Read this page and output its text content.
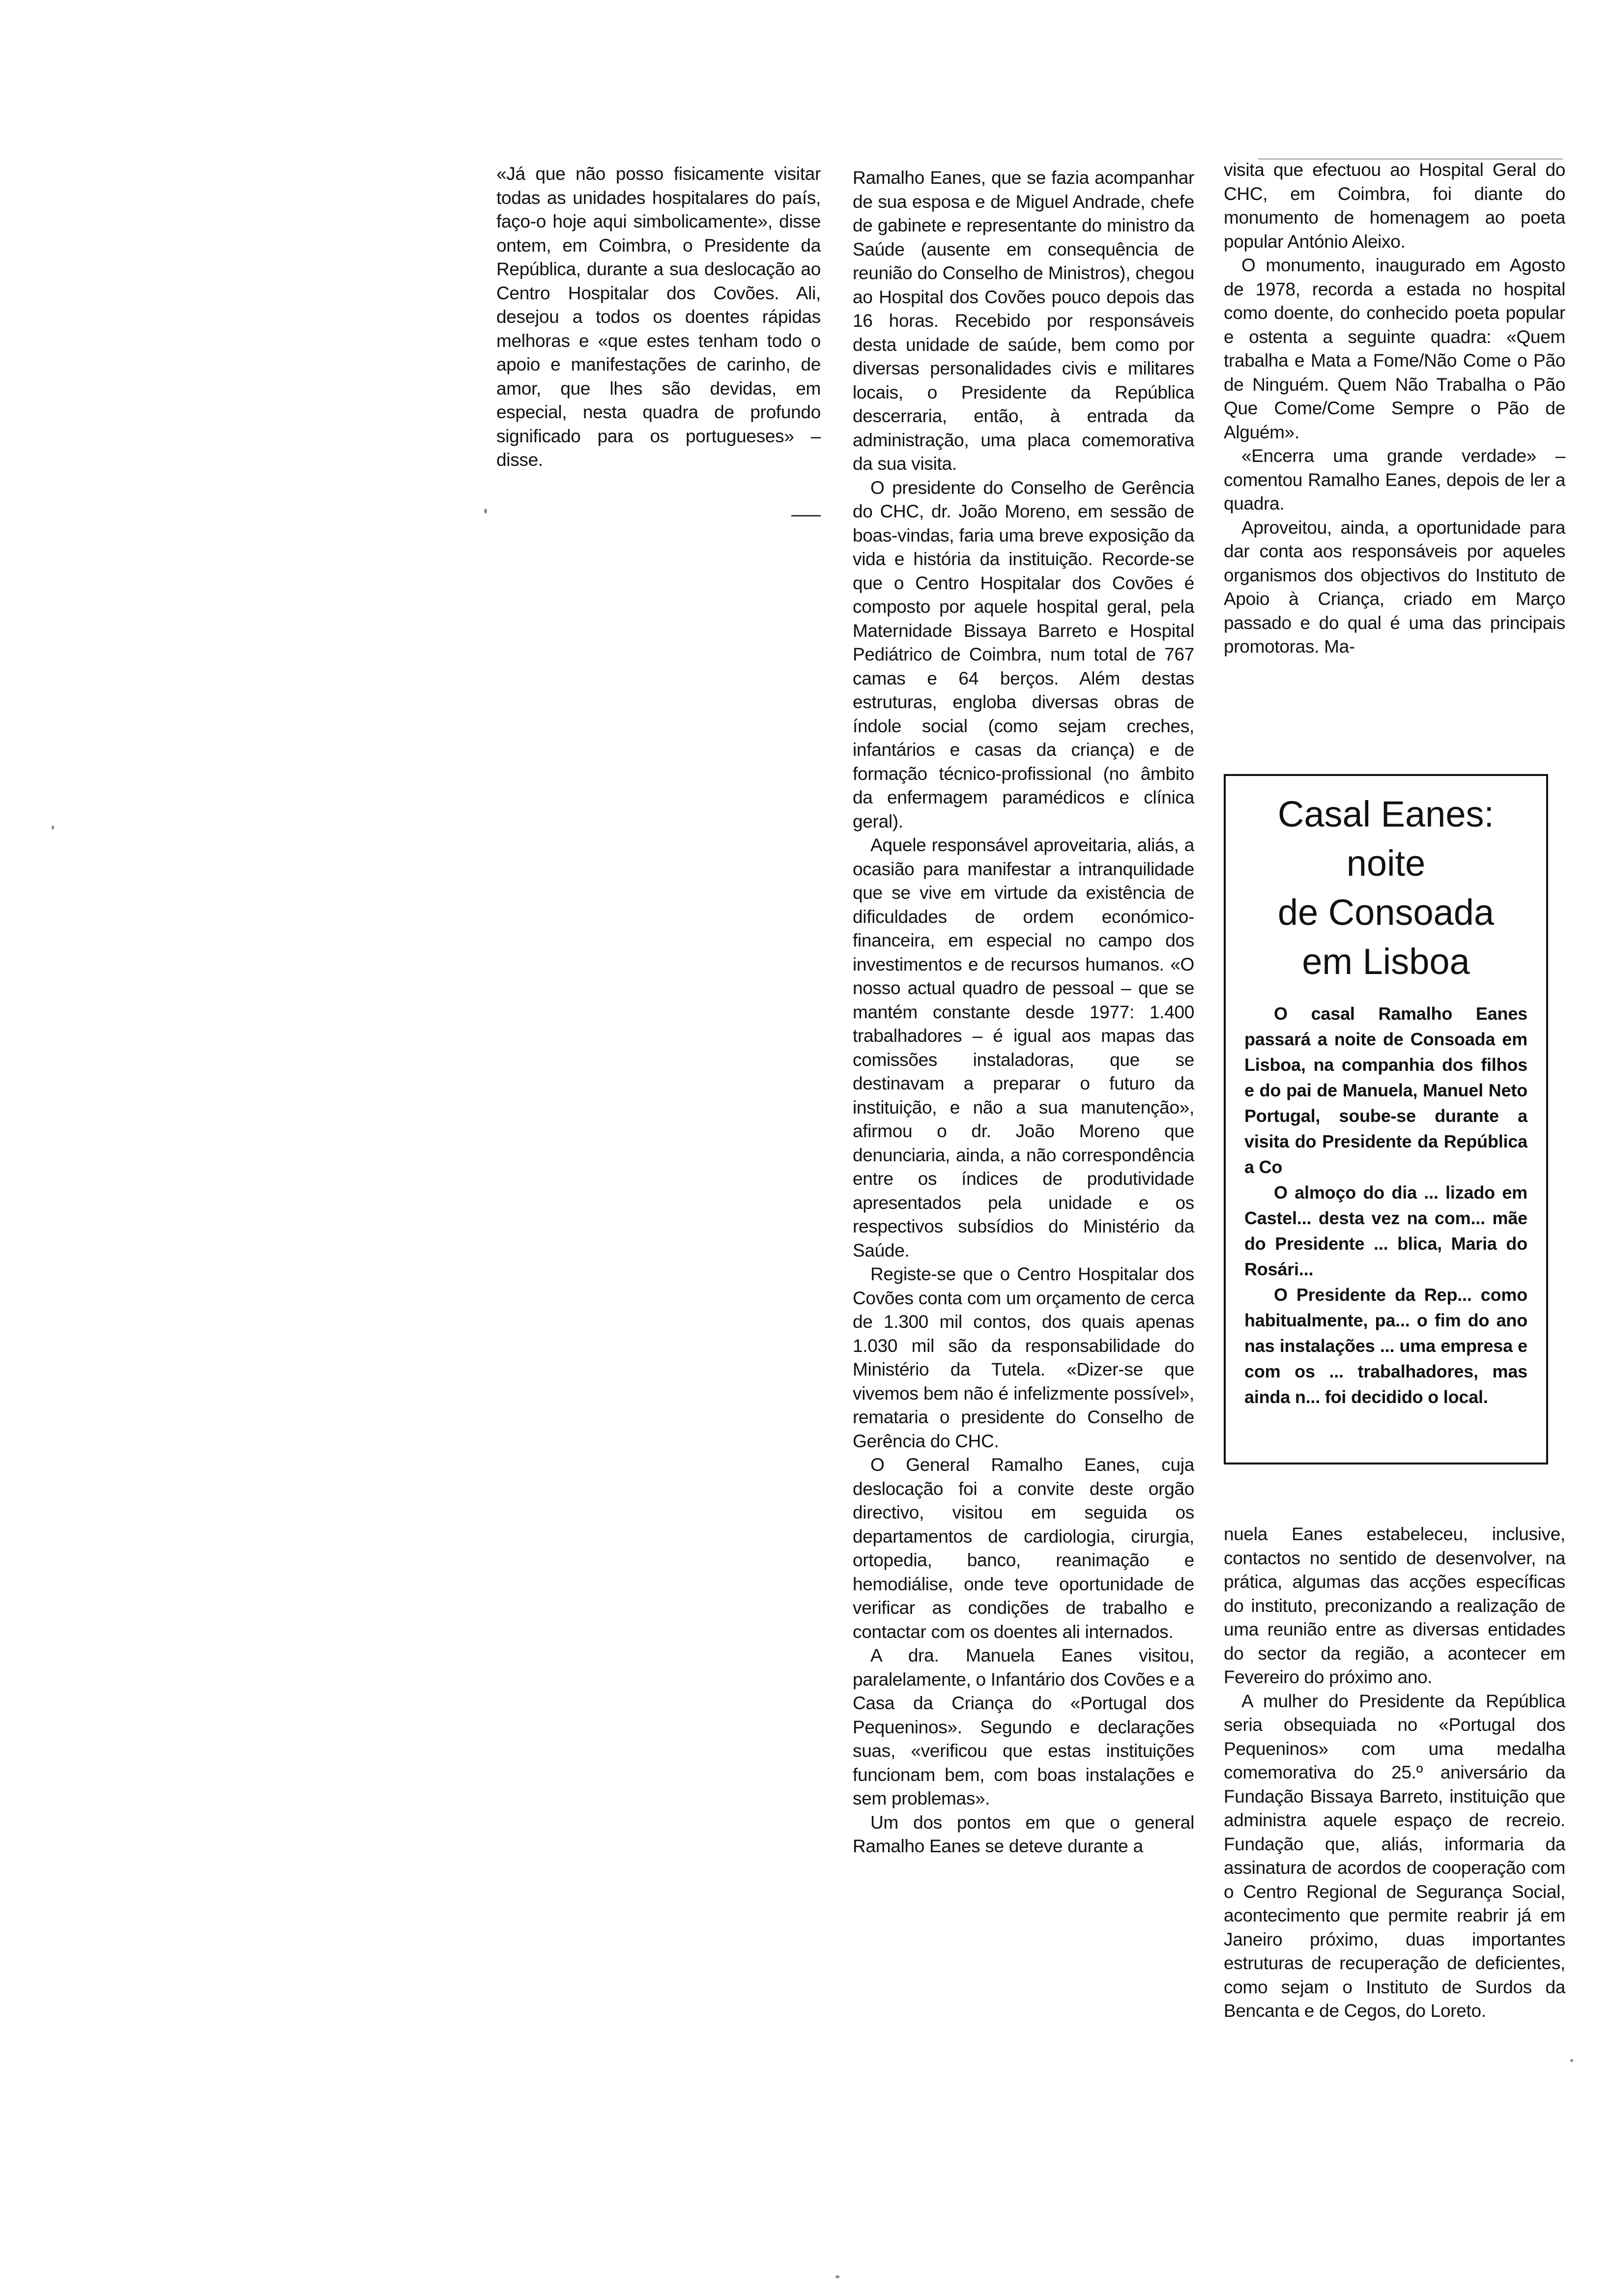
«Já que não posso fisicamente visitar todas as unidades hospitalares do país, faço-o hoje aqui simbolicamente», disse ontem, em Coimbra, o Presidente da República, durante a sua deslocação ao Centro Hospitalar dos Covões. Ali, desejou a todos os doentes rápidas melhoras e «que estes tenham todo o apoio e manifestações de carinho, de amor, que lhes são devidas, em especial, nesta quadra de profundo significado para os portugueses» – disse.

Ramalho Eanes, que se fazia acompanhar de sua esposa e de Miguel Andrade, chefe de gabinete e representante do ministro da Saúde (ausente em consequência de reunião do Conselho de Ministros), chegou ao Hospital dos Covões pouco depois das 16 horas. Recebido por responsáveis desta unidade de saúde, bem como por diversas personalidades civis e militares locais, o Presidente da República descerraria, então, à entrada da administração, uma placa comemorativa da sua visita.

O presidente do Conselho de Gerência do CHC, dr. João Moreno, em sessão de boas-vindas, faria uma breve exposição da vida e história da instituição. Recorde-se que o Centro Hospitalar dos Covões é composto por aquele hospital geral, pela Maternidade Bissaya Barreto e Hospital Pediátrico de Coimbra, num total de 767 camas e 64 berços. Além destas estruturas, engloba diversas obras de índole social (como sejam creches, infantários e casas da criança) e de formação técnico-profissional (no âmbito da enfermagem paramédicos e clínica geral).

Aquele responsável aproveitaria, aliás, a ocasião para manifestar a intranquilidade que se vive em virtude da existência de dificuldades de ordem económico-financeira, em especial no campo dos investimentos e de recursos humanos. «O nosso actual quadro de pessoal – que se mantém constante desde 1977: 1.400 trabalhadores – é igual aos mapas das comissões instaladoras, que se destinavam a preparar o futuro da instituição, e não a sua manutenção», afirmou o dr. João Moreno que denunciaria, ainda, a não correspondência entre os índices de produtividade apresentados pela unidade e os respectivos subsídios do Ministério da Saúde.

Registe-se que o Centro Hospitalar dos Covões conta com um orçamento de cerca de 1.300 mil contos, dos quais apenas 1.030 mil são da responsabilidade do Ministério da Tutela. «Dizer-se que vivemos bem não é infelizmente possível», remataria o presidente do Conselho de Gerência do CHC.

O General Ramalho Eanes, cuja deslocação foi a convite deste orgão directivo, visitou em seguida os departamentos de cardiologia, cirurgia, ortopedia, banco, reanimação e hemodiálise, onde teve oportunidade de verificar as condições de trabalho e contactar com os doentes ali internados.

A dra. Manuela Eanes visitou, paralelamente, o Infantário dos Covões e a Casa da Criança do «Portugal dos Pequeninos». Segundo e declarações suas, «verificou que estas instituições funcionam bem, com boas instalações e sem problemas».

Um dos pontos em que o general Ramalho Eanes se deteve durante a

visita que efectuou ao Hospital Geral do CHC, em Coimbra, foi diante do monumento de homenagem ao poeta popular António Aleixo.

O monumento, inaugurado em Agosto de 1978, recorda a estada no hospital como doente, do conhecido poeta popular e ostenta a seguinte quadra: «Quem trabalha e Mata a Fome/Não Come o Pão de Ninguém. Quem Não Trabalha o Pão Que Come/Come Sempre o Pão de Alguém».

«Encerra uma grande verdade» – comentou Ramalho Eanes, depois de ler a quadra.

Aproveitou, ainda, a oportunidade para dar conta aos responsáveis por aqueles organismos dos objectivos do Instituto de Apoio à Criança, criado em Março passado e do qual é uma das principais promotoras. Ma-

Casal Eanes:
noite
de Consoada
em Lisboa

O casal Ramalho Eanes passará a noite de Consoada em Lisboa, na companhia dos filhos e do pai de Manuela, Manuel Neto Portugal, soube-se durante a visita do Presidente da República a Co

O almoço do dia ... lizado em Castel... desta vez na com... mãe do Presidente ... blica, Maria do Rosári...

O Presidente da Rep... como habitualmente, pa... o fim do ano nas instalações ... uma empresa e com os ... trabalhadores, mas ainda n... foi decidido o local.

nuela Eanes estabeleceu, inclusive, contactos no sentido de desenvolver, na prática, algumas das acções específicas do instituto, preconizando a realização de uma reunião entre as diversas entidades do sector da região, a acontecer em Fevereiro do próximo ano.

A mulher do Presidente da República seria obsequiada no «Portugal dos Pequeninos» com uma medalha comemorativa do 25.º aniversário da Fundação Bissaya Barreto, instituição que administra aquele espaço de recreio. Fundação que, aliás, informaria da assinatura de acordos de cooperação com o Centro Regional de Segurança Social, acontecimento que permite reabrir já em Janeiro próximo, duas importantes estruturas de recuperação de deficientes, como sejam o Instituto de Surdos da Bencanta e de Cegos, do Loreto.
